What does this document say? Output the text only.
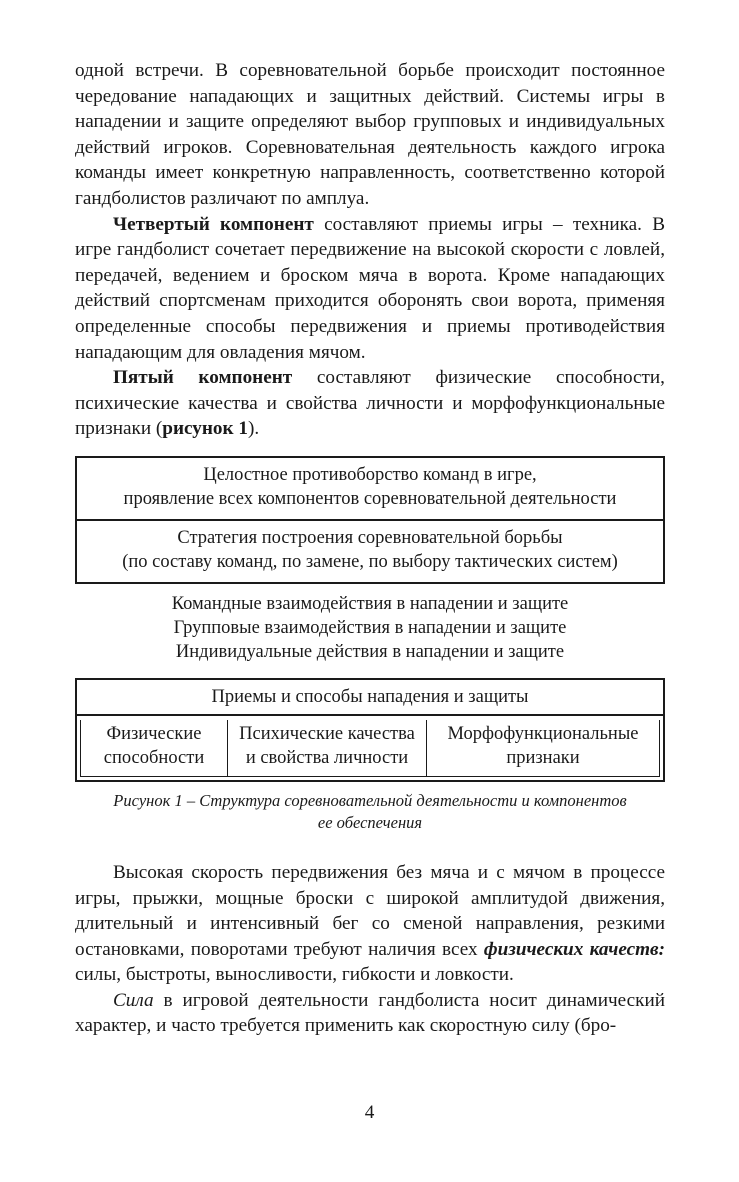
одной встречи. В соревновательной борьбе происходит постоянное чередование нападающих и защитных действий. Системы игры в нападении и защите определяют выбор групповых и индивидуальных действий игроков. Соревновательная деятельность каждого игрока команды имеет конкретную направленность, соответственно которой гандболистов различают по амплуа.

Четвертый компонент составляют приемы игры – техника. В игре гандболист сочетает передвижение на высокой скорости с ловлей, передачей, ведением и броском мяча в ворота. Кроме нападающих действий спортсменам приходится оборонять свои ворота, применяя определенные способы передвижения и приемы противодействия нападающим для овладения мячом.

Пятый компонент составляют физические способности, психические качества и свойства личности и морфофункциональные признаки (рисунок 1).

Целостное противоборство команд в игре,
проявление всех компонентов соревновательной деятельности
Стратегия построения соревновательной борьбы
(по составу команд, по замене, по выбору тактических систем)
Командные взаимодействия в нападении и защите
Групповые взаимодействия в нападении и защите
Индивидуальные действия в нападении и защите
Приемы и способы нападения и защиты
Физические способности
Психические качества и свойства личности
Морфофункциональные признаки
Рисунок 1 – Структура соревновательной деятельности и компонентов
ее обеспечения

Высокая скорость передвижения без мяча и с мячом в процессе игры, прыжки, мощные броски с широкой амплитудой движения, длительный и интенсивный бег со сменой направления, резкими остановками, поворотами требуют наличия всех физических качеств: силы, быстроты, выносливости, гибкости и ловкости.

Сила в игровой деятельности гандболиста носит динамический характер, и часто требуется применить как скоростную силу (бро-

4
